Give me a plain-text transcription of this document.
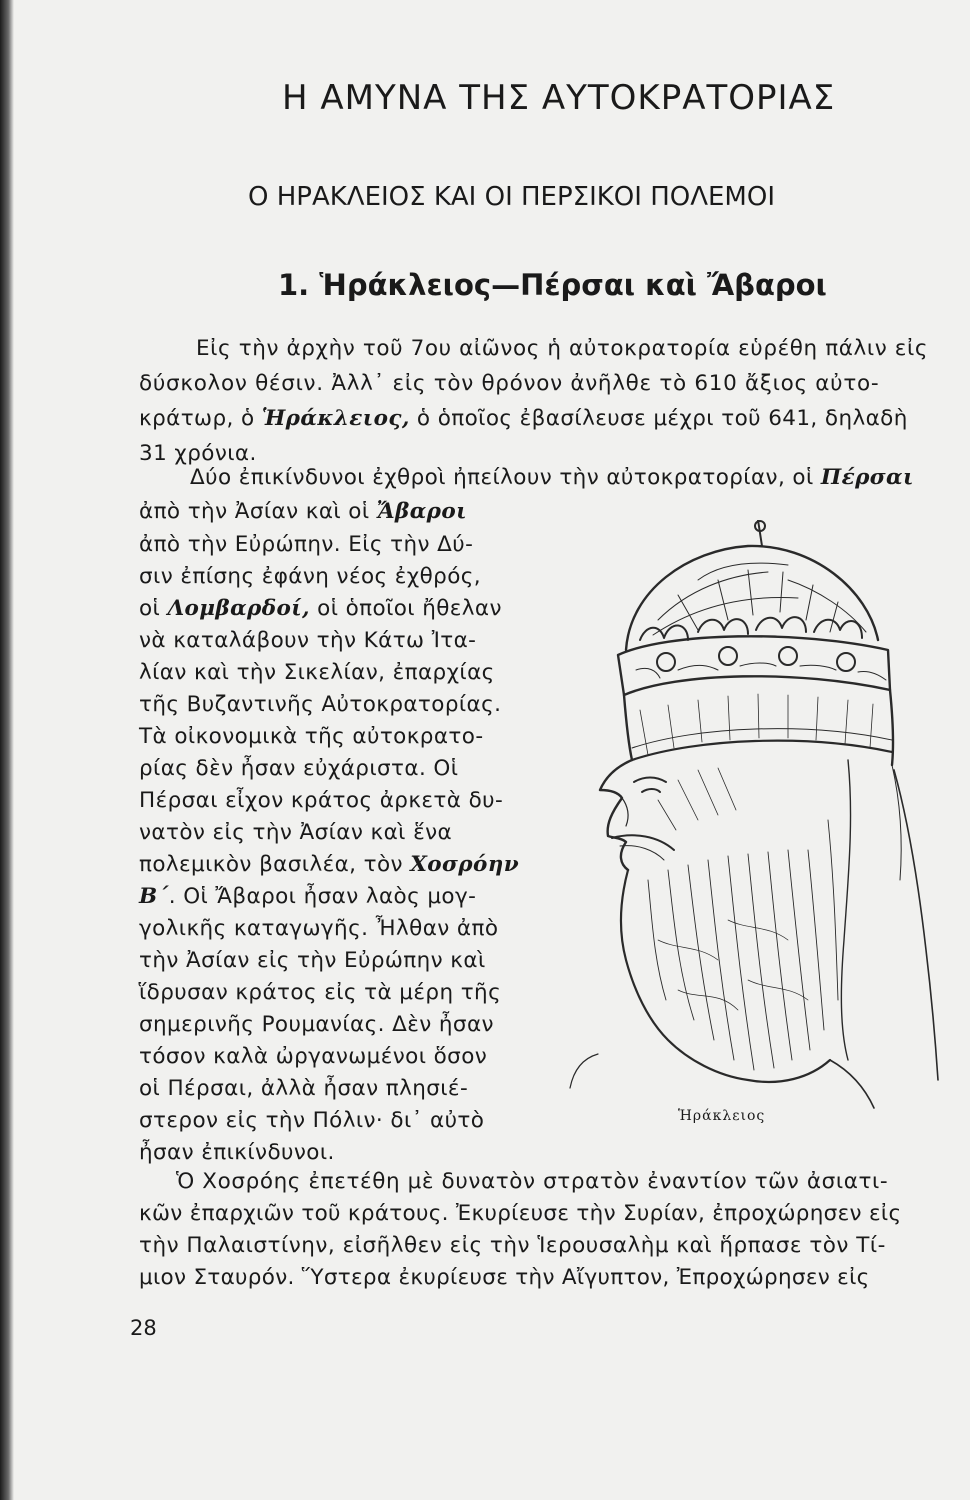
Η ΑΜΥΝΑ ΤΗΣ ΑΥΤΟΚΡΑΤΟΡΙΑΣ
Ο ΗΡΑΚΛΕΙΟΣ ΚΑΙ ΟΙ ΠΕΡΣΙΚΟΙ ΠΟΛΕΜΟΙ
1. Ἡράκλειος—Πέρσαι καὶ Ἄβαροι
Εἰς τὴν ἀρχὴν τοῦ 7ου αἰῶνος ἡ αὐτοκρατορία εὑρέθη πάλιν εἰς
δύσκολον θέσιν. Ἀλλ᾿ εἰς τὸν θρόνον ἀνῆλθε τὸ 610 ἄξιος αὐτο-
κράτωρ, ὁ Ἡράκλειος, ὁ ὁποῖος ἐβασίλευσε μέχρι τοῦ 641, δηλαδὴ
31 χρόνια.
Δύο ἐπικίνδυνοι ἐχθροὶ ἠπείλουν τὴν αὐτοκρατορίαν, οἱ Πέρσαι
ἀπὸ τὴν Ἀσίαν καὶ οἱ Ἄβαροι
ἀπὸ τὴν Εὐρώπην. Εἰς τὴν Δύ-
σιν ἐπίσης ἐφάνη νέος ἐχθρός,
οἱ Λομβαρδοί, οἱ ὁποῖοι ἤθελαν
νὰ καταλάβουν τὴν Κάτω Ἰτα-
λίαν καὶ τὴν Σικελίαν, ἐπαρχίας
τῆς Βυζαντινῆς Αὐτοκρατορίας.
Τὰ οἰκονομικὰ τῆς αὐτοκρατο-
ρίας δὲν ἦσαν εὐχάριστα. Οἱ
Πέρσαι εἶχον κράτος ἀρκετὰ δυ-
νατὸν εἰς τὴν Ἀσίαν καὶ ἕνα
πολεμικὸν βασιλέα, τὸν Χοσρόην
Β΄. Οἱ Ἄβαροι ἦσαν λαὸς μογ-
γολικῆς καταγωγῆς. Ἦλθαν ἀπὸ
τὴν Ἀσίαν εἰς τὴν Εὐρώπην καὶ
ἵδρυσαν κράτος εἰς τὰ μέρη τῆς
σημερινῆς Ρουμανίας. Δὲν ἦσαν
τόσον καλὰ ὠργανωμένοι ὅσον
οἱ Πέρσαι, ἀλλὰ ἦσαν πλησιέ-
στερον εἰς τὴν Πόλιν· δι᾿ αὐτὸ
ἦσαν ἐπικίνδυνοι.
Ὁ Χοσρόης ἐπετέθη μὲ δυνατὸν στρατὸν ἐναντίον τῶν ἀσιατι-
κῶν ἐπαρχιῶν τοῦ κράτους. Ἐκυρίευσε τὴν Συρίαν, ἐπροχώρησεν εἰς
τὴν Παλαιστίνην, εἰσῆλθεν εἰς τὴν Ἱερουσαλὴμ καὶ ἥρπασε τὸν Τί-
μιον Σταυρόν. Ὕστερα ἐκυρίευσε τὴν Αἴγυπτον, Ἐπροχώρησεν εἰς
Ἡράκλειος
28
